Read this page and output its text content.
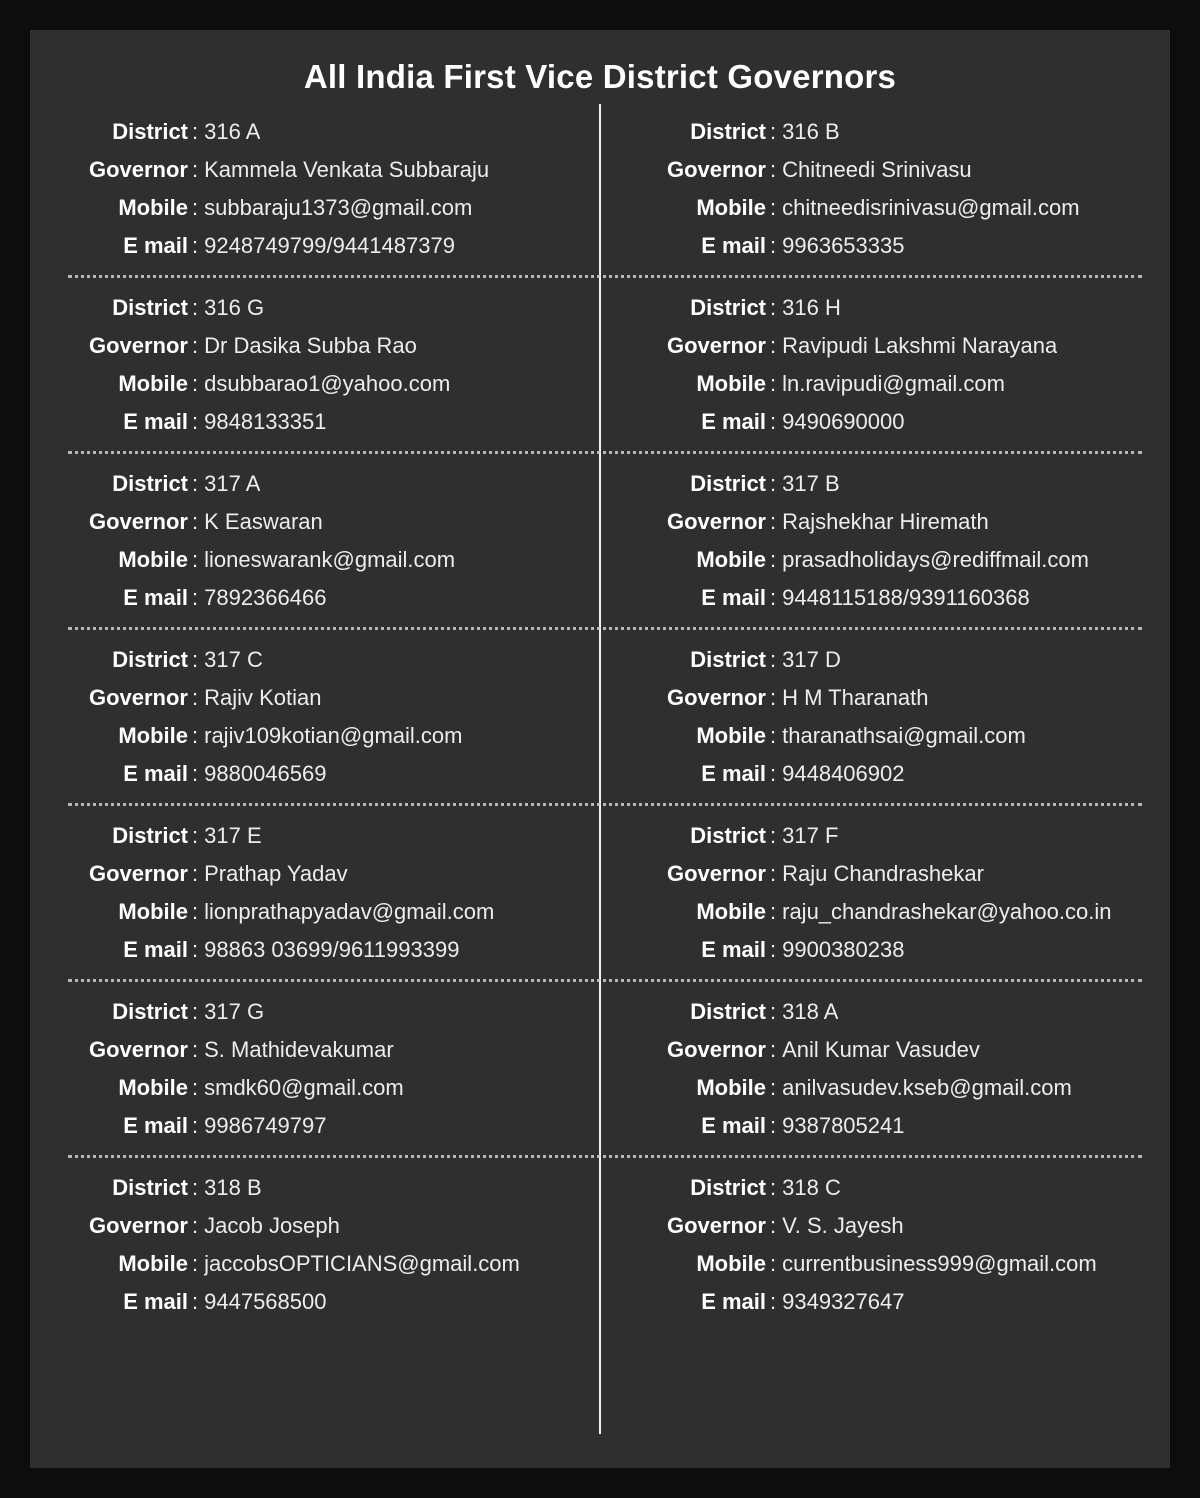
All India First Vice District Governors
District : 316 A
Governor : Kammela Venkata Subbaraju
Mobile : subbaraju1373@gmail.com
E mail : 9248749799/9441487379
District : 316 B
Governor : Chitneedi Srinivasu
Mobile : chitneedisrinivasu@gmail.com
E mail : 9963653335
District : 316 G
Governor : Dr Dasika Subba Rao
Mobile : dsubbarao1@yahoo.com
E mail : 9848133351
District : 316 H
Governor : Ravipudi Lakshmi Narayana
Mobile : ln.ravipudi@gmail.com
E mail : 9490690000
District : 317 A
Governor : K Easwaran
Mobile : lioneswarank@gmail.com
E mail : 7892366466
District : 317 B
Governor : Rajshekhar Hiremath
Mobile : prasadholidays@rediffmail.com
E mail : 9448115188/9391160368
District : 317 C
Governor : Rajiv Kotian
Mobile : rajiv109kotian@gmail.com
E mail : 9880046569
District : 317 D
Governor : H M Tharanath
Mobile : tharanathsai@gmail.com
E mail : 9448406902
District : 317 E
Governor : Prathap Yadav
Mobile : lionprathapyadav@gmail.com
E mail : 98863 03699/9611993399
District : 317 F
Governor : Raju Chandrashekar
Mobile : raju_chandrashekar@yahoo.co.in
E mail : 9900380238
District : 317 G
Governor : S. Mathidevakumar
Mobile : smdk60@gmail.com
E mail : 9986749797
District : 318 A
Governor : Anil Kumar Vasudev
Mobile : anilvasudev.kseb@gmail.com
E mail : 9387805241
District : 318 B
Governor : Jacob Joseph
Mobile : jaccobsOPTICIANS@gmail.com
E mail : 9447568500
District : 318 C
Governor : V. S. Jayesh
Mobile : currentbusiness999@gmail.com
E mail : 9349327647
